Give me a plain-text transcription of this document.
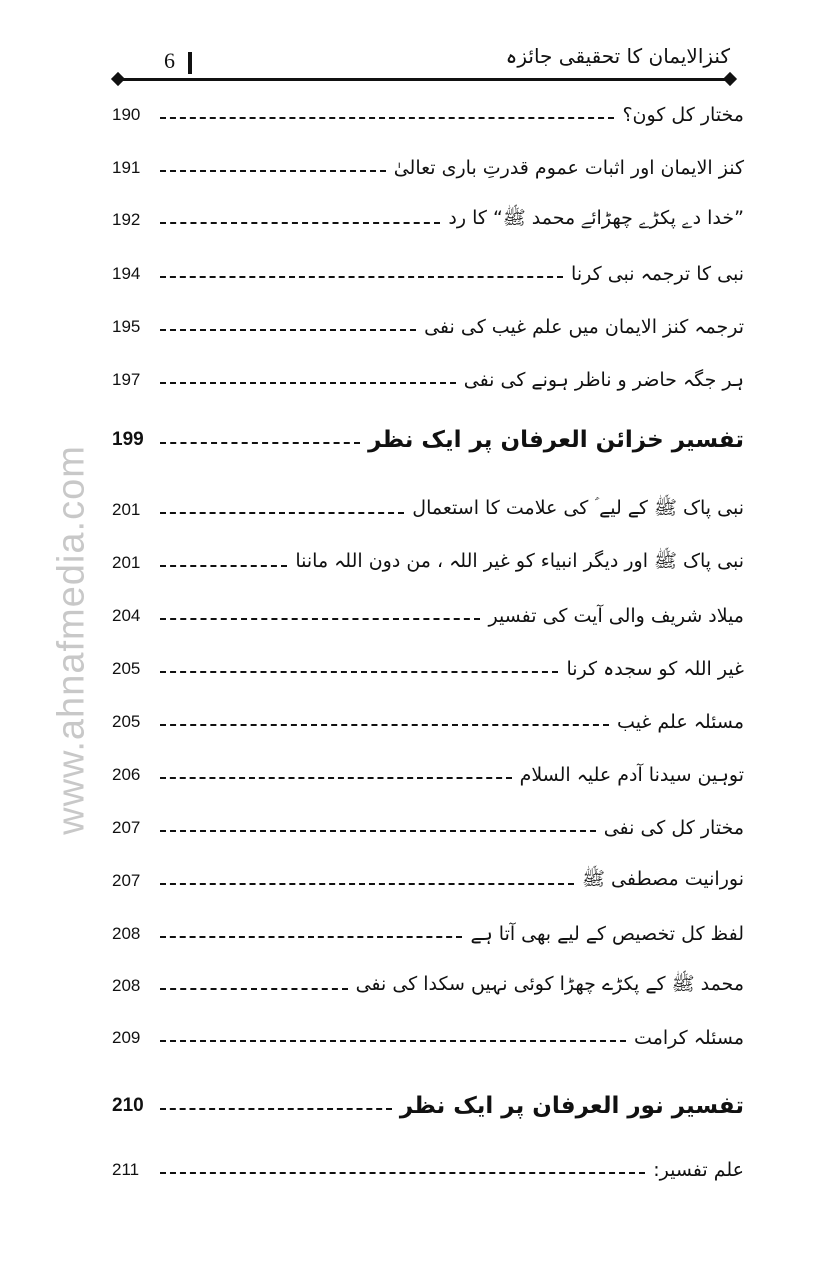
www.ahnafmedia.com
کنزالایمان کا تحقیقی جائزہ
6
مختار کل کون؟
190
کنز الایمان اور اثبات عموم قدرتِ باری تعالیٰ
191
”خدا دے پکڑے چھڑائے محمد ﷺ“ کا رد
192
نبی کا ترجمہ نبی کرنا
194
ترجمہ کنز الایمان میں علم غیب کی نفی
195
ہر جگہ حاضر و ناظر ہونے کی نفی
197
تفسیر خزائن العرفان پر ایک نظر
199
نبی پاک ﷺ کے لیے ؑ کی علامت کا استعمال
201
نبی پاک ﷺ اور دیگر انبیاء کو غیر اللہ ، من دون اللہ ماننا
201
میلاد شریف والی آیت کی تفسیر
204
غیر اللہ کو سجدہ کرنا
205
مسئلہ علم غیب
205
توہین سیدنا آدم علیہ السلام
206
مختار کل کی نفی
207
نورانیت مصطفی ﷺ
207
لفظ کل تخصیص کے لیے بھی آتا ہے
208
محمد ﷺ کے پکڑے چھڑا کوئی نہیں سکدا کی نفی
208
مسئلہ کرامت
209
تفسیر نور العرفان پر ایک نظر
210
علم تفسیر:
211
